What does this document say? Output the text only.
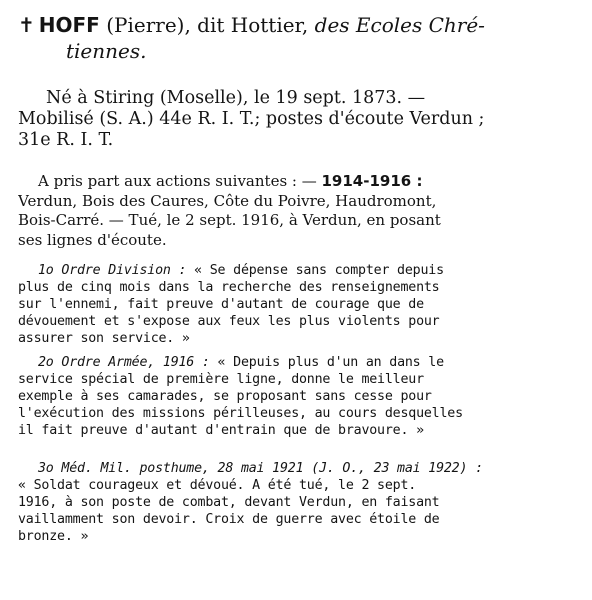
✝ HOFF (Pierre), dit Hottier, des Ecoles Chré-
tiennes.
Né à Stiring (Moselle), le 19 sept. 1873. —
Mobilisé (S. A.) 44e R. I. T.; postes d'écoute Verdun ;
31e R. I. T.
A pris part aux actions suivantes : — 1914-1916 :
Verdun, Bois des Caures, Côte du Poivre, Haudromont,
Bois-Carré. — Tué, le 2 sept. 1916, à Verdun, en posant
ses lignes d'écoute.
1o Ordre Division : « Se dépense sans compter depuis
plus de cinq mois dans la recherche des renseignements
sur l'ennemi, fait preuve d'autant de courage que de
dévouement et s'expose aux feux les plus violents pour
assurer son service. »
2o Ordre Armée, 1916 : « Depuis plus d'un an dans le
service spécial de première ligne, donne le meilleur
exemple à ses camarades, se proposant sans cesse pour
l'exécution des missions périlleuses, au cours desquelles
il fait preuve d'autant d'entrain que de bravoure. »
3o Méd. Mil. posthume, 28 mai 1921 (J. O., 23 mai 1922) :
« Soldat courageux et dévoué. A été tué, le 2 sept.
1916, à son poste de combat, devant Verdun, en faisant
vaillamment son devoir. Croix de guerre avec étoile de
bronze. »
